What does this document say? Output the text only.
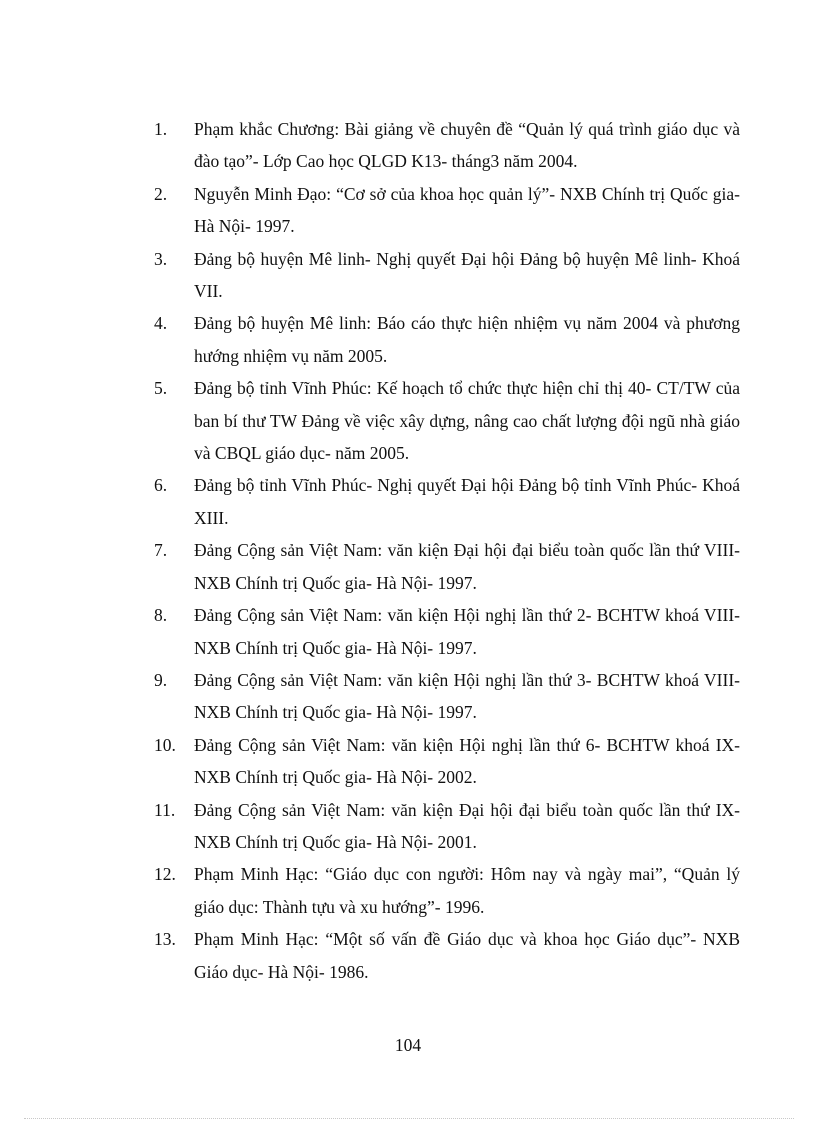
1. Phạm khắc Chương: Bài giảng về chuyên đề “Quản lý quá trình giáo dục và đào tạo”- Lớp Cao học QLGD K13- tháng3 năm 2004.
2. Nguyễn Minh Đạo: “Cơ sở của khoa học quản lý”- NXB Chính trị Quốc gia- Hà Nội- 1997.
3. Đảng bộ huyện Mê linh- Nghị quyết Đại hội Đảng bộ huyện Mê linh- Khoá VII.
4. Đảng bộ huyện Mê linh: Báo cáo thực hiện nhiệm vụ năm 2004 và phương hướng nhiệm vụ năm 2005.
5. Đảng bộ tỉnh Vĩnh Phúc: Kế hoạch tổ chức thực hiện chỉ thị 40- CT/TW của ban bí thư TW Đảng về việc xây dựng, nâng cao chất lượng đội ngũ nhà giáo và CBQL giáo dục- năm 2005.
6. Đảng bộ tỉnh Vĩnh Phúc- Nghị quyết Đại hội Đảng bộ tỉnh Vĩnh Phúc- Khoá XIII.
7. Đảng Cộng sản Việt Nam: văn kiện Đại hội đại biểu toàn quốc lần thứ VIII- NXB Chính trị Quốc gia- Hà Nội- 1997.
8. Đảng Cộng sản Việt Nam: văn kiện Hội nghị lần thứ 2- BCHTW khoá VIII- NXB Chính trị Quốc gia- Hà Nội- 1997.
9. Đảng Cộng sản Việt Nam: văn kiện Hội nghị lần thứ 3- BCHTW khoá VIII- NXB Chính trị Quốc gia- Hà Nội- 1997.
10. Đảng Cộng sản Việt Nam: văn kiện Hội nghị lần thứ 6- BCHTW khoá IX- NXB Chính trị Quốc gia- Hà Nội- 2002.
11. Đảng Cộng sản Việt Nam: văn kiện Đại hội đại biểu toàn quốc lần thứ IX- NXB Chính trị Quốc gia- Hà Nội- 2001.
12. Phạm Minh Hạc: “Giáo dục con người: Hôm nay và ngày mai”, “Quản lý giáo dục: Thành tựu và xu hướng”- 1996.
13. Phạm Minh Hạc: “Một số vấn đề Giáo dục và khoa học Giáo dục”- NXB Giáo dục- Hà Nội- 1986.
104
